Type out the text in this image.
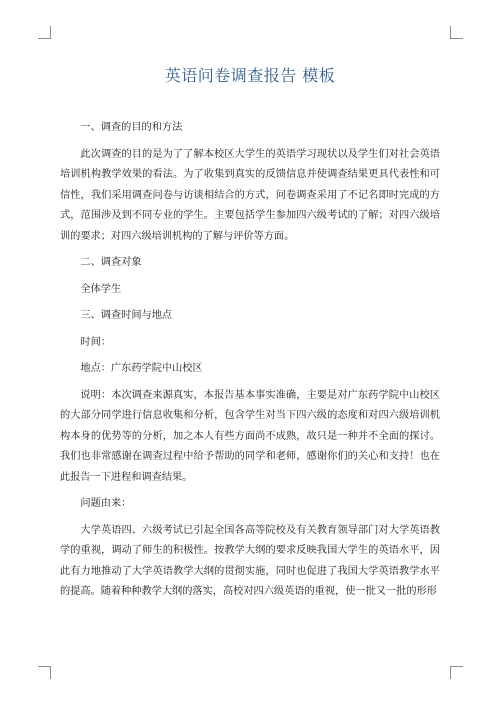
英语问卷调查报告 模板

一、调查的目的和方法

此次调查的目的是为了了解本校区大学生的英语学习现状以及学生们对社会英语培训机构教学效果的看法。为了收集到真实的反馈信息并使调查结果更具代表性和可信性，我们采用调查问卷与访谈相结合的方式，问卷调查采用了不记名即时完成的方式，范围涉及到不同专业的学生。主要包括学生参加四六级考试的了解；对四六级培训的要求；对四六级培训机构的了解与评价等方面。

二、调查对象

全体学生

三、调查时间与地点

时间：

地点：广东药学院中山校区

说明：本次调查来源真实，本报告基本事实准确，主要是对广东药学院中山校区的大部分同学进行信息收集和分析，包含学生对当下四六级的态度和对四六级培训机构本身的优势等的分析，加之本人有些方面尚不成熟，故只是一种并不全面的探讨。我们也非常感谢在调查过程中给予帮助的同学和老师，感谢你们的关心和支持！也在此报告一下进程和调查结果。

问题由来：

大学英语四、六级考试已引起全国各高等院校及有关教育领导部门对大学英语教学的重视，调动了师生的积极性。按教学大纲的要求反映我国大学生的英语水平，因此有力地推动了大学英语教学大纲的贯彻实施，同时也促进了我国大学英语教学水平的提高。随着种种教学大纲的落实，高校对四六级英语的重视，使一批又一批的形形
